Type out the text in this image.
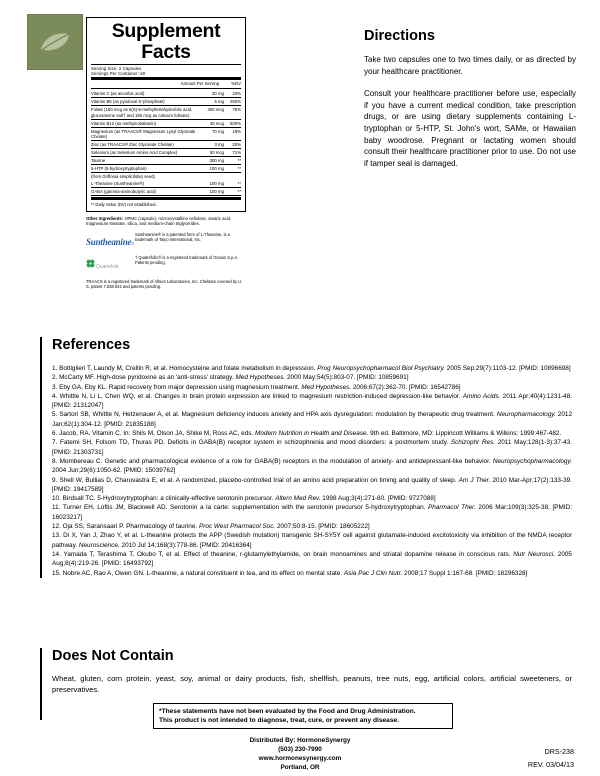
Supplement Facts
Serving Size: 2 Capsules
Servings Per Container: 60
Amount Per Serving	%DV
Vitamin C (as ascorbic acid)	20 mg	33%
Vitamin B6 (as pyridoxal 5'-phosphate)	5 mg	250%
Folate (150 mcg as 6(S)-5-methyltetrahydrofolic acid, glucosamine salt† and 150 mcg as calcium folinate)	300 mcg	75%
Vitamin B12 (as methylcobalamin)	30 mcg	500%
Magnesium (as TRAACS® Magnesium Lysyl Glycinate Chelate)	70 mg	18%
Zinc (as TRAACS® Zinc Glycinate Chelate)	3 mg	20%
Selenium (as Selenium Amino Acid Complex)	50 mcg	71%
Taurine	300 mg	**
5-HTP (5-hydroxytryptophan)	100 mg	**
(from Griffonia simplicifolia) seed)		
L-Theanine (Suntheanine®)	100 mg	**
GABA (gamma-aminobutyric acid)	100 mg	**
** Daily Value (DV) not established.
Other Ingredients: HPMC (capsule), microcrystalline cellulose, stearic acid, magnesium stearate, silica, and medium-chain triglycerides.
Suntheanine®
Suntheanine® is a patented form of L-Theanine, is a trademark of Taiyo International, Inc.
Quatrefolic
† Quatrefolic® is a registered trademark of Gnosis S.p.A. Patents pending.
TRAACS is a registered trademark of Albion Laboratories, Inc. Chelates covered by U. S. patent 7,838,042 and patents pending.
Directions

Take two capsules one to two times daily, or as directed by your healthcare practitioner.

Consult your healthcare practitioner before use, especially if you have a current medical condition, take prescription drugs, or are using dietary supplements containing L-tryptophan or 5-HTP, St. John's wort, SAMe, or Hawaiian baby woodrose. Pregnant or lactating women should consult their healthcare practitioner prior to use. Do not use if tamper seal is damaged.

References
1. Bottiglieri T, Laundy M, Crellin R, et al. Homocysteine and folate metabolism in depression. Prog Neuropsychopharmacol Biol Psychiatry. 2005 Sep;29(7):1103-12. [PMID: 10896698]
2. McCarty MF. High-dose pyridoxine as an 'anti-stress' strategy. Med Hypotheses. 2000 May;54(5):803-07. [PMID: 10859691]
3. Eby GA, Eby KL. Rapid recovery from major depression using magnesium treatment. Med Hypotheses. 2006;67(2):362-70. [PMID: 16542786]
4. Whittle N, Li L, Chen WQ, et al. Changes in brain protein expression are linked to magnesium restriction-induced depression-like behavior. Amino Acids. 2011 Apr;40(4):1231-48. [PMID: 21312047]
5. Sartori SB, Whittle N, Hetzenauer A, et al. Magnesium deficiency induces anxiety and HPA axis dysregulation: modulation by therapeutic drug treatment. Neuropharmacology. 2012 Jan;62(1):304-12. [PMID: 21835188]
6. Jacob, RA. Vitamin C. In: Shils M, Olson JA, Shike M, Ross AC, eds. Modern Nutrition in Health and Disease. 9th ed. Baltimore, MD: Lippincott Williams & Wilkins; 1999:467-482.
7. Fatemi SH, Folsom TD, Thuras PD. Deficits in GABA(B) receptor system in schizophrenia and mood disorders: a postmortem study. Schizophr Res. 2011 May;128(1-3):37-43. [PMID: 21303731]
8. Mombereau C. Genetic and pharmacological evidence of a role for GABA(B) receptors in the modulation of anxiety- and antidepressant-like behavior. Neuropsychopharmacology. 2004 Jun;29(6):1050-62. [PMID: 15039762]
9. Shell W, Bullias D, Charuvastra E, et al. A randomized, placebo-controlled trial of an amino acid preparation on timing and quality of sleep. Am J Ther. 2010 Mar-Apr;17(2):133-39. [PMID: 19417589]
10. Birdsall TC. 5-Hydroxytryptophan: a clinically-effective serotonin precursor. Altern Med Rev. 1998 Aug;3(4):271-80. [PMID: 9727088]
11. Turner EH, Loftis JM, Blackwell AD. Serotonin a la carte: supplementation with the serotonin precursor 5-hydroxytryptophan. Pharmacol Ther. 2006 Mar;109(3):325-38. [PMID: 16023217]
12. Oja SS, Saransaari P. Pharmacology of taurine. Proc West Pharmacol Soc. 2007;50:8-15. [PMID: 18605222]
13. Di X, Yan J, Zhao Y, et al. L-theanine protects the APP (Swedish mutation) transgenic SH-SY5Y cell against glutamate-induced excitotoxicity via inhibition of the NMDA receptor pathway. Neuroscience. 2010 Jul 14;168(3):778-86. [PMID: 20416364]
14. Yamada T, Terashima T, Okubo T, et al. Effect of theanine, r-glutamylethylamide, on brain monoamines and striatal dopamine release in conscious rats. Nutr Neurosci. 2005 Aug;8(4):219-26. [PMID: 16493792]
15. Nobre AC, Rao A, Owen GN. L-theanine, a natural constituent in tea, and its effect on mental state. Asia Pac J Clin Nutr. 2008;17 Suppl 1:167-68. [PMID: 18296328]
Does Not Contain

Wheat, gluten, corn protein, yeast, soy, animal or dairy products, fish, shellfish, peanuts, tree nuts, egg, artificial colors, artificial sweeteners, or preservatives.

*These statements have not been evaluated by the Food and Drug Administration.

This product is not intended to diagnose, treat, cure, or prevent any disease.

Distributed By: HormoneSynergy
(503) 230-7990
www.hormonesynergy.com
Portland, OR
DRS-238
REV. 03/04/13
